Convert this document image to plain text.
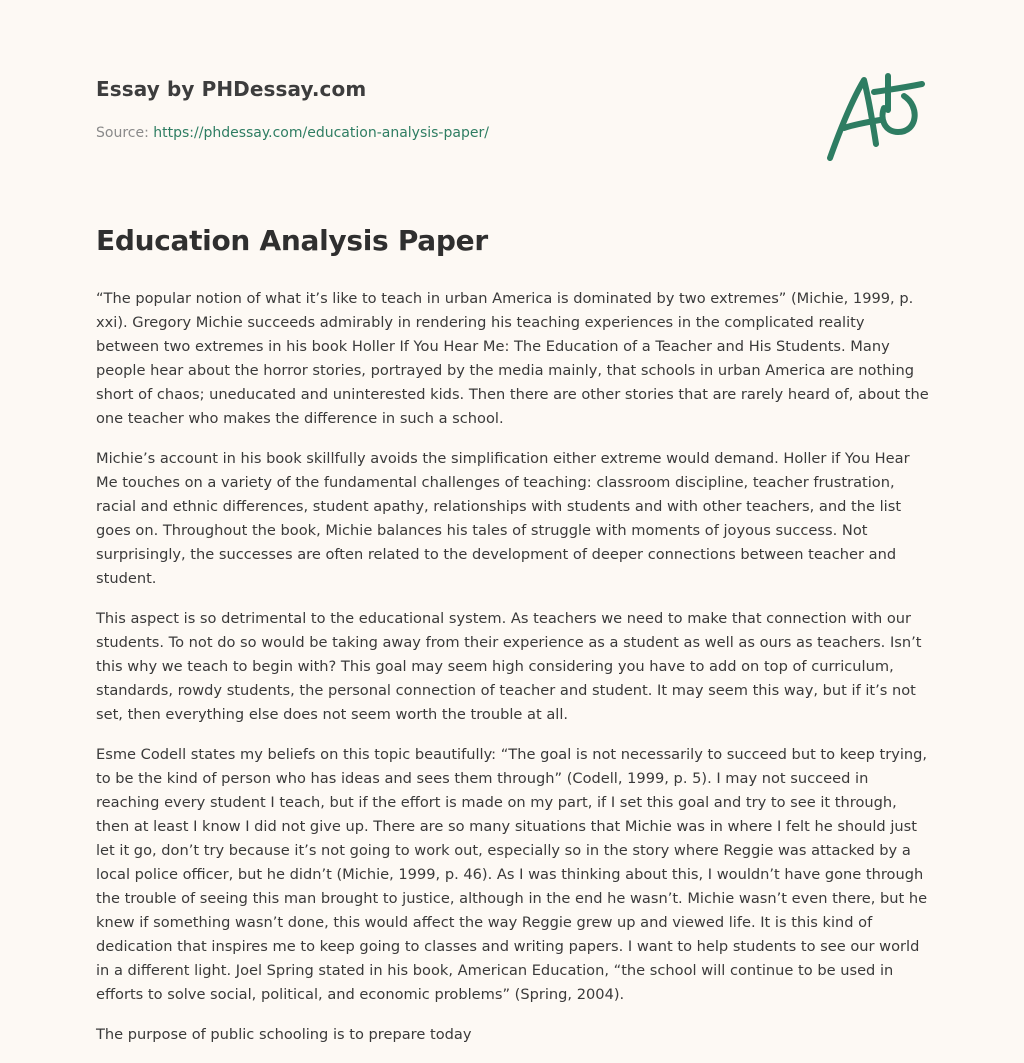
Essay by PHDessay.com
Source: https://phdessay.com/education-analysis-paper/
Education Analysis Paper

“The popular notion of what it’s like to teach in urban America is dominated by two extremes” (Michie, 1999, p. xxi). Gregory Michie succeeds admirably in rendering his teaching experiences in the complicated reality between two extremes in his book Holler If You Hear Me: The Education of a Teacher and His Students. Many people hear about the horror stories, portrayed by the media mainly, that schools in urban America are nothing short of chaos; uneducated and uninterested kids. Then there are other stories that are rarely heard of, about the one teacher who makes the difference in such a school.

Michie’s account in his book skillfully avoids the simplification either extreme would demand. Holler if You Hear Me touches on a variety of the fundamental challenges of teaching: classroom discipline, teacher frustration, racial and ethnic differences, student apathy, relationships with students and with other teachers, and the list goes on. Throughout the book, Michie balances his tales of struggle with moments of joyous success. Not surprisingly, the successes are often related to the development of deeper connections between teacher and student.

This aspect is so detrimental to the educational system. As teachers we need to make that connection with our students. To not do so would be taking away from their experience as a student as well as ours as teachers. Isn’t this why we teach to begin with? This goal may seem high considering you have to add on top of curriculum, standards, rowdy students, the personal connection of teacher and student. It may seem this way, but if it’s not set, then everything else does not seem worth the trouble at all.

Esme Codell states my beliefs on this topic beautifully: “The goal is not necessarily to succeed but to keep trying, to be the kind of person who has ideas and sees them through” (Codell, 1999, p. 5). I may not succeed in reaching every student I teach, but if the effort is made on my part, if I set this goal and try to see it through, then at least I know I did not give up. There are so many situations that Michie was in where I felt he should just let it go, don’t try because it’s not going to work out, especially so in the story where Reggie was attacked by a local police officer, but he didn’t (Michie, 1999, p. 46). As I was thinking about this, I wouldn’t have gone through the trouble of seeing this man brought to justice, although in the end he wasn’t. Michie wasn’t even there, but he knew if something wasn’t done, this would affect the way Reggie grew up and viewed life. It is this kind of dedication that inspires me to keep going to classes and writing papers. I want to help students to see our world in a different light. Joel Spring stated in his book, American Education, “the school will continue to be used in efforts to solve social, political, and economic problems” (Spring, 2004).

The purpose of public schooling is to prepare today
